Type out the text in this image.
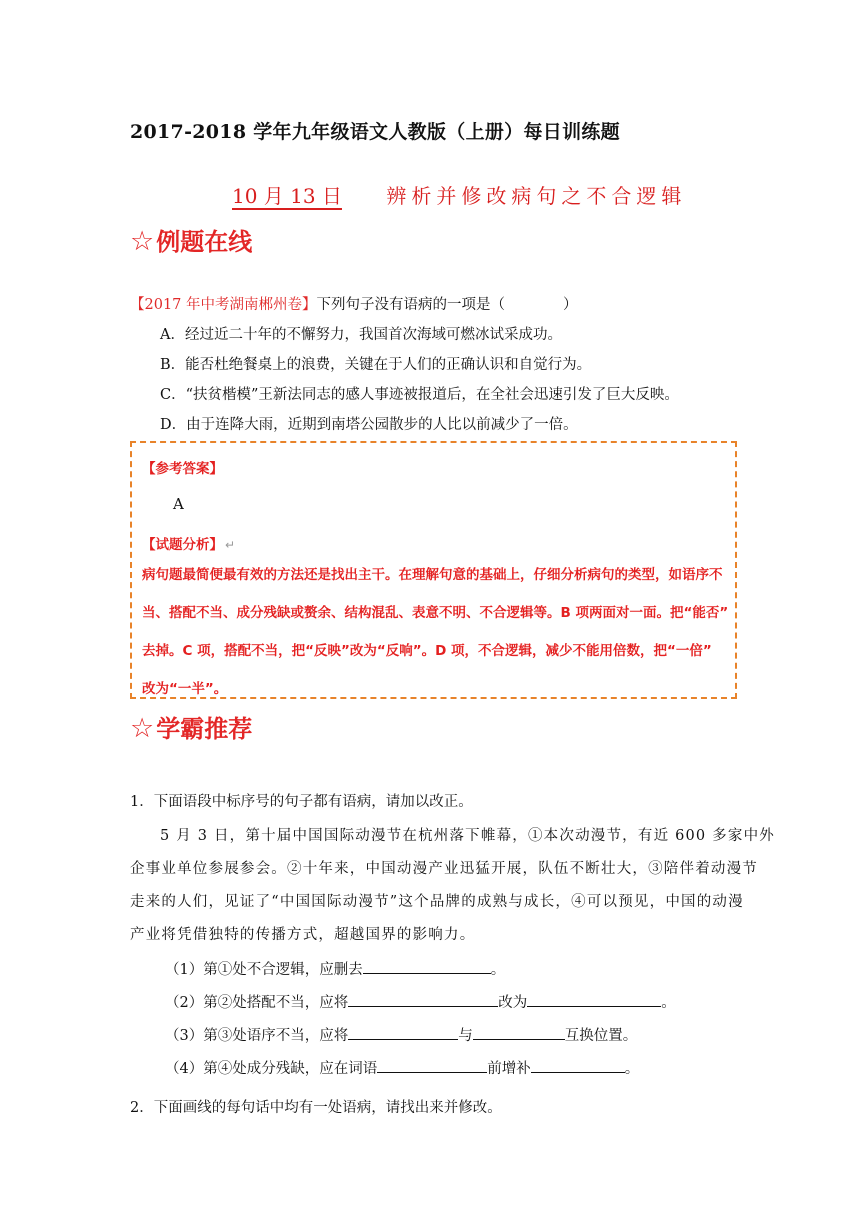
2017-2018 学年九年级语文人教版（上册）每日训练题
10 月 13 日 辨析并修改病句之不合逻辑
☆例题在线
【2017 年中考湖南郴州卷】下列句子没有语病的一项是（　　　　）
A．经过近二十年的不懈努力，我国首次海域可燃冰试采成功。
B．能否杜绝餐桌上的浪费，关键在于人们的正确认识和自觉行为。
C．“扶贫楷模”王新法同志的感人事迹被报道后，在全社会迅速引发了巨大反映。
D．由于连降大雨，近期到南塔公园散步的人比以前减少了一倍。
【参考答案】
A
【试题分析】 ↵
病句题最简便最有效的方法还是找出主干。在理解句意的基础上，仔细分析病句的类型，如语序不
当、搭配不当、成分残缺或赘余、结构混乱、表意不明、不合逻辑等。B 项两面对一面。把“能否”
去掉。C 项，搭配不当，把“反映”改为“反响”。D 项，不合逻辑，减少不能用倍数，把“一倍”
改为“一半”。
☆学霸推荐
1．下面语段中标序号的句子都有语病，请加以改正。
5 月 3 日，第十届中国国际动漫节在杭州落下帷幕，①本次动漫节，有近 600 多家中外
企事业单位参展参会。②十年来，中国动漫产业迅猛开展，队伍不断壮大，③陪伴着动漫节
走来的人们，见证了“中国国际动漫节”这个品牌的成熟与成长，④可以预见，中国的动漫
产业将凭借独特的传播方式，超越国界的影响力。
（1）第①处不合逻辑，应删去	。
（2）第②处搭配不当，应将	改为	。
（3）第③处语序不当，应将	与	互换位置。
（4）第④处成分残缺，应在词语	前增补	。
2．下面画线的每句话中均有一处语病，请找出来并修改。
